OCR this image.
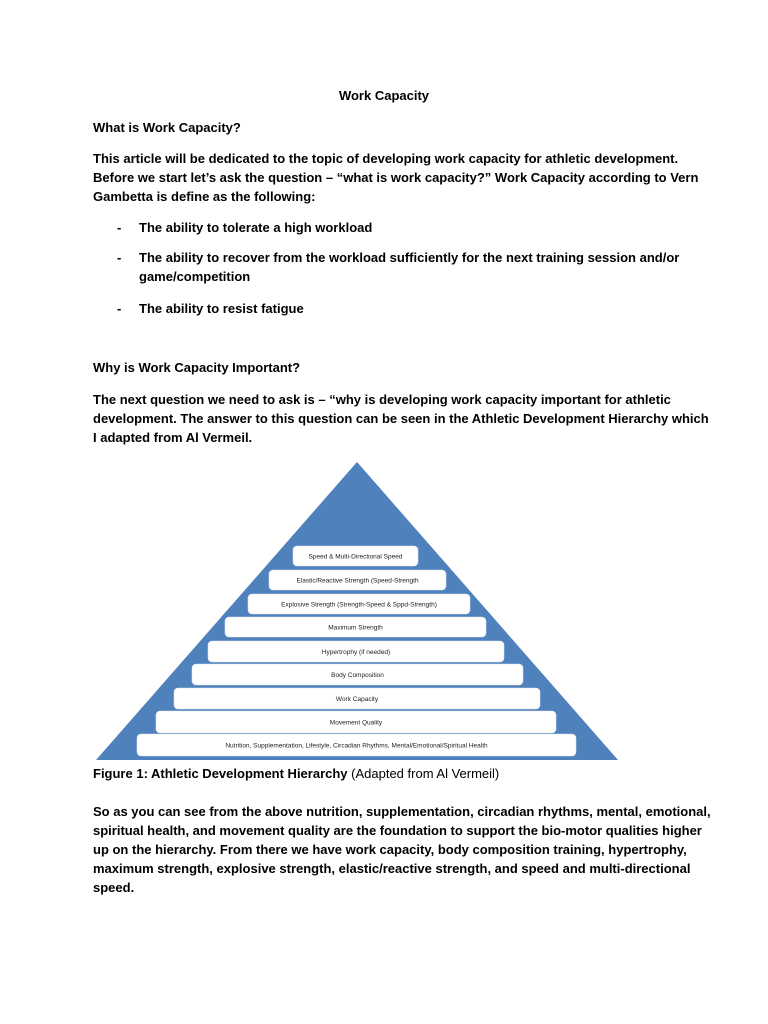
Work Capacity
What is Work Capacity?
This article will be dedicated to the topic of developing work capacity for athletic development.
Before we start let’s ask the question – “what is work capacity?” Work Capacity according to Vern
Gambetta is define as the following:
- The ability to tolerate a high workload
- The ability to recover from the workload sufficiently for the next training session and/or
game/competition
- The ability to resist fatigue
Why is Work Capacity Important?
The next question we need to ask is – “why is developing work capacity important for athletic
development. The answer to this question can be seen in the Athletic Development Hierarchy which
I adapted from Al Vermeil.
Speed & Multi-Directional Speed
Elastic/Reactive Strength (Speed-Strength
Explosive Strength (Strength-Speed & Sppd-Strength)
Maximum Strength
Hypertrophy (if needed)
Body Composition
Work Capacity
Movement Quality
Nutrition, Supplementation, Lifestyle, Circadian Rhythms, Mental/Emotional/Spiritual Health
Figure 1: Athletic Development Hierarchy (Adapted from Al Vermeil)
So as you can see from the above nutrition, supplementation, circadian rhythms, mental, emotional,
spiritual health, and movement quality are the foundation to support the bio-motor qualities higher
up on the hierarchy. From there we have work capacity, body composition training, hypertrophy,
maximum strength, explosive strength, elastic/reactive strength, and speed and multi-directional
speed.
